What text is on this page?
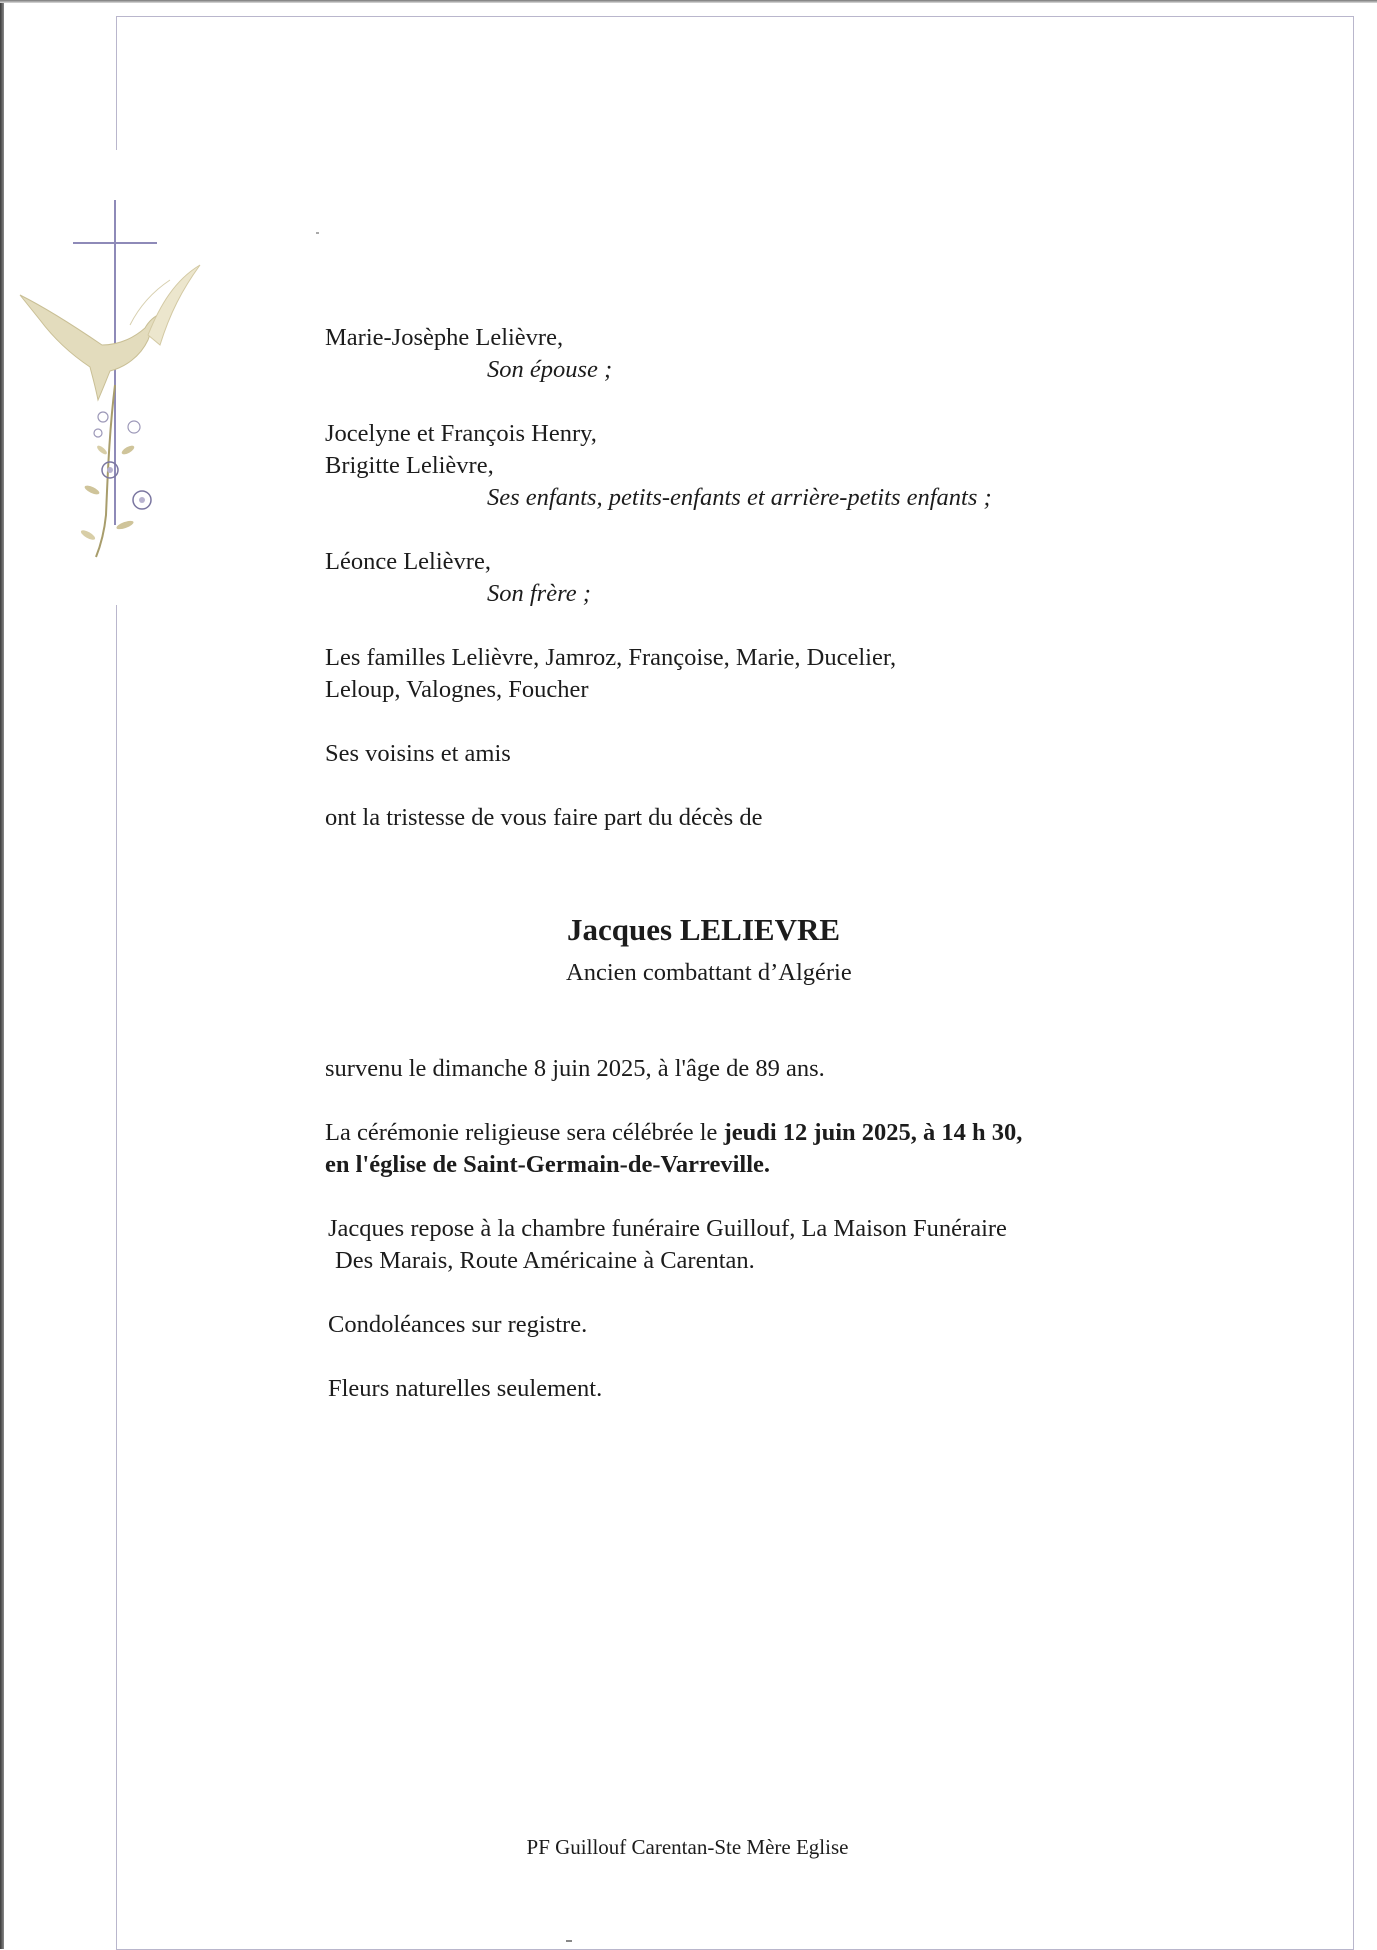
Marie-Josèphe Lelièvre,
Son épouse ;
Jocelyne et François Henry,
Brigitte Lelièvre,
Ses enfants, petits-enfants et arrière-petits enfants ;
Léonce Lelièvre,
Son frère ;
Les familles Lelièvre, Jamroz, Françoise, Marie, Ducelier,
Leloup, Valognes, Foucher
Ses voisins et amis
ont la tristesse de vous faire part du décès de
Jacques LELIEVRE
Ancien combattant d’Algérie
survenu le dimanche 8 juin 2025, à l'âge de 89 ans.
La cérémonie religieuse sera célébrée le jeudi 12 juin 2025, à 14 h 30,
en l'église de Saint-Germain-de-Varreville.
Jacques repose à la chambre funéraire Guillouf, La Maison Funéraire
Des Marais, Route Américaine à Carentan.
Condoléances sur registre.
Fleurs naturelles seulement.
PF Guillouf Carentan-Ste Mère Eglise
